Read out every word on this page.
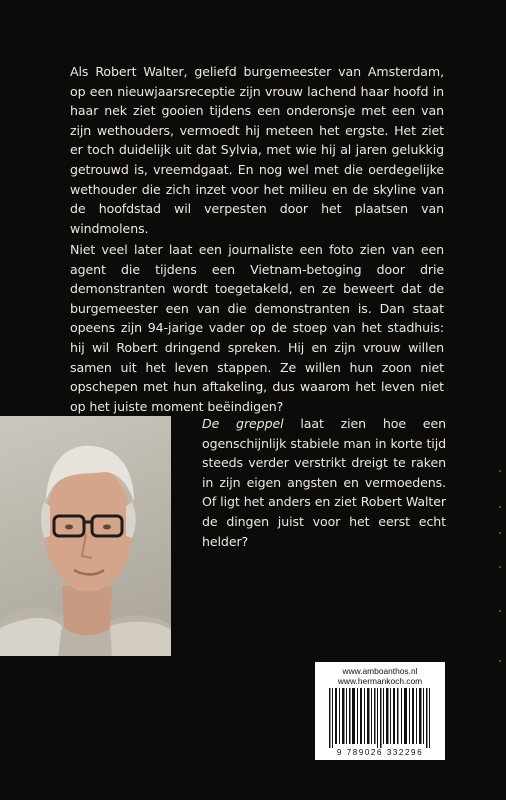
Als Robert Walter, geliefd burgemeester van Amsterdam, op een nieuwjaarsreceptie zijn vrouw lachend haar hoofd in haar nek ziet gooien tijdens een onderonsje met een van zijn wethouders, vermoedt hij meteen het ergste. Het ziet er toch duidelijk uit dat Sylvia, met wie hij al jaren gelukkig getrouwd is, vreemdgaat. En nog wel met die oerdegelijke wethouder die zich inzet voor het milieu en de skyline van de hoofdstad wil verpesten door het plaatsen van windmolens.

Niet veel later laat een journaliste een foto zien van een agent die tijdens een Vietnam-betoging door drie demonstranten wordt toegetakeld, en ze beweert dat de burgemeester een van die demonstranten is. Dan staat opeens zijn 94-jarige vader op de stoep van het stadhuis: hij wil Robert dringend spreken. Hij en zijn vrouw willen samen uit het leven stappen. Ze willen hun zoon niet opschepen met hun aftakeling, dus waarom het leven niet op het juiste moment beëindigen?

De greppel laat zien hoe een ogenschijnlijk stabiele man in korte tijd steeds verder verstrikt dreigt te raken in zijn eigen angsten en vermoedens. Of ligt het anders en ziet Robert Walter de dingen juist voor het eerst echt helder?

www.amboanthos.nl
www.hermankoch.com
9 789026 332296
